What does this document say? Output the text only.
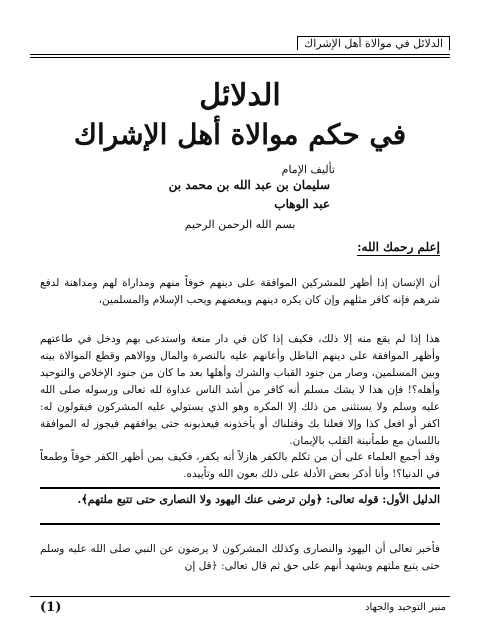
الدلائل في موالاة أهل الإشراك
الدلائل
في حكم موالاة أهل الإشراك
تأليف الإمام
سليمان بن عبد الله بن محمد بن عبد الوهاب
بسم الله الرحمن الرحيم
إعلم رحمك الله:

أن الإنسان إذا أظهر للمشركين الموافقة على دينهم خوفاً منهم ومداراة لهم ومداهنة لدفع شرهم فإنه كافر مثلهم وإن كان يكره دينهم ويبغضهم ويحب الإسلام والمسلمين،

هذا إذا لم يقع منه إلا ذلك، فكيف إذا كان في دار منعة واستدعى بهم ودخل في طاعتهم وأظهر الموافقة على دينهم الباطل وأعانهم عليه بالنصرة والمال ووالاهم وقطع الموالاة بينه وبين المسلمين، وصار من جنود القباب والشرك وأهلها بعد ما كان من جنود الإخلاص والتوحيد وأهله؟! فإن هذا لا يشك مسلم أنه كافر من أشد الناس عداوة لله تعالى ورسوله صلى الله عليه وسلم ولا يستثنى من ذلك إلا المكره وهو الذي يستولي عليه المشركون فيقولون له: اكفر أو افعل كذا وإلا فعلنا بك وقتلناك أو يأخذونه فيعذبونه حتى يوافقهم فيجوز له الموافقة باللسان مع طمأنينة القلب بالإيمان.

وقد أجمع العلماء على أن من تكلم بالكفر هازلاً أنه يكفر، فكيف بمن أظهر الكفر خوفاً وطمعاً في الدنيا؟! وأنا أذكر بعض الأدلة على ذلك بعون الله وتأييده.

الدليل الأول: قوله تعالى: ﴿ولن ترضى عنك اليهود ولا النصارى حتى تتبع ملتهم﴾.

فأخبر تعالى أن اليهود والنصارى وكذلك المشركون لا يرضون عن النبي صلى الله عليه وسلم حتى يتبع ملتهم ويشهد أنهم على حق ثم قال تعالى: ﴿قل إن

منبر التوحيد والجهاد
(1)
